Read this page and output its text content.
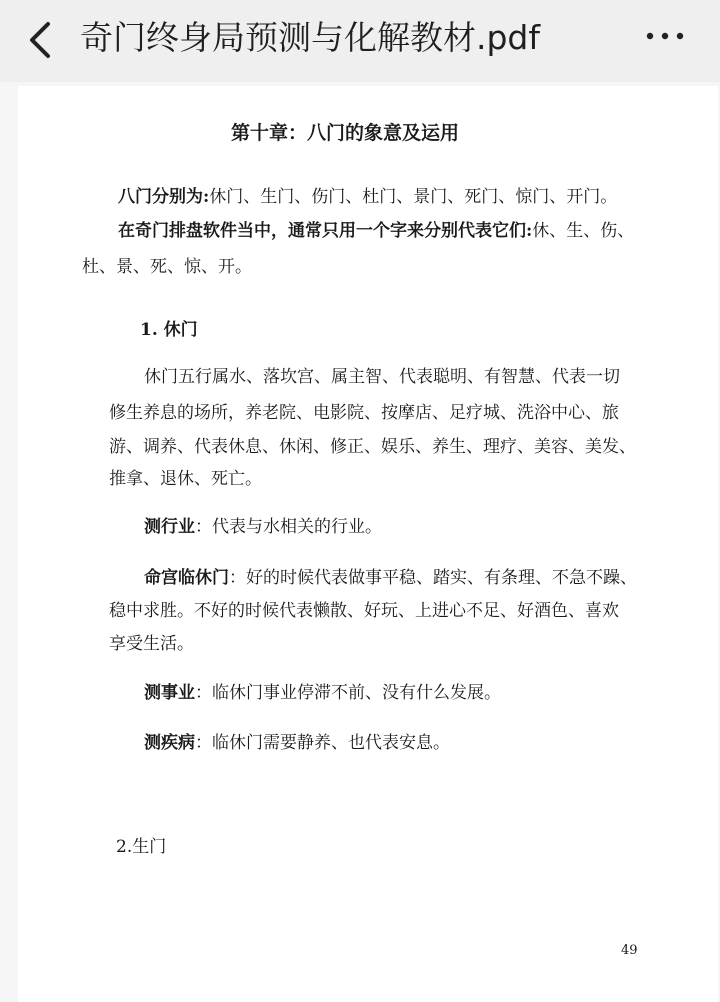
奇门终身局预测与化解教材.pdf
第十章：八门的象意及运用
八门分别为:休门、生门、伤门、杜门、景门、死门、惊门、开门。
在奇门排盘软件当中，通常只用一个字来分别代表它们:休、生、伤、
杜、景、死、惊、开。
1. 休门
休门五行属水、落坎宫、属主智、代表聪明、有智慧、代表一切
修生养息的场所，养老院、电影院、按摩店、足疗城、洗浴中心、旅
游、调养、代表休息、休闲、修正、娱乐、养生、理疗、美容、美发、
推拿、退休、死亡。
测行业：代表与水相关的行业。
命宫临休门：好的时候代表做事平稳、踏实、有条理、不急不躁、
稳中求胜。不好的时候代表懒散、好玩、上进心不足、好酒色、喜欢
享受生活。
测事业：临休门事业停滞不前、没有什么发展。
测疾病：临休门需要静养、也代表安息。
2.生门
49
